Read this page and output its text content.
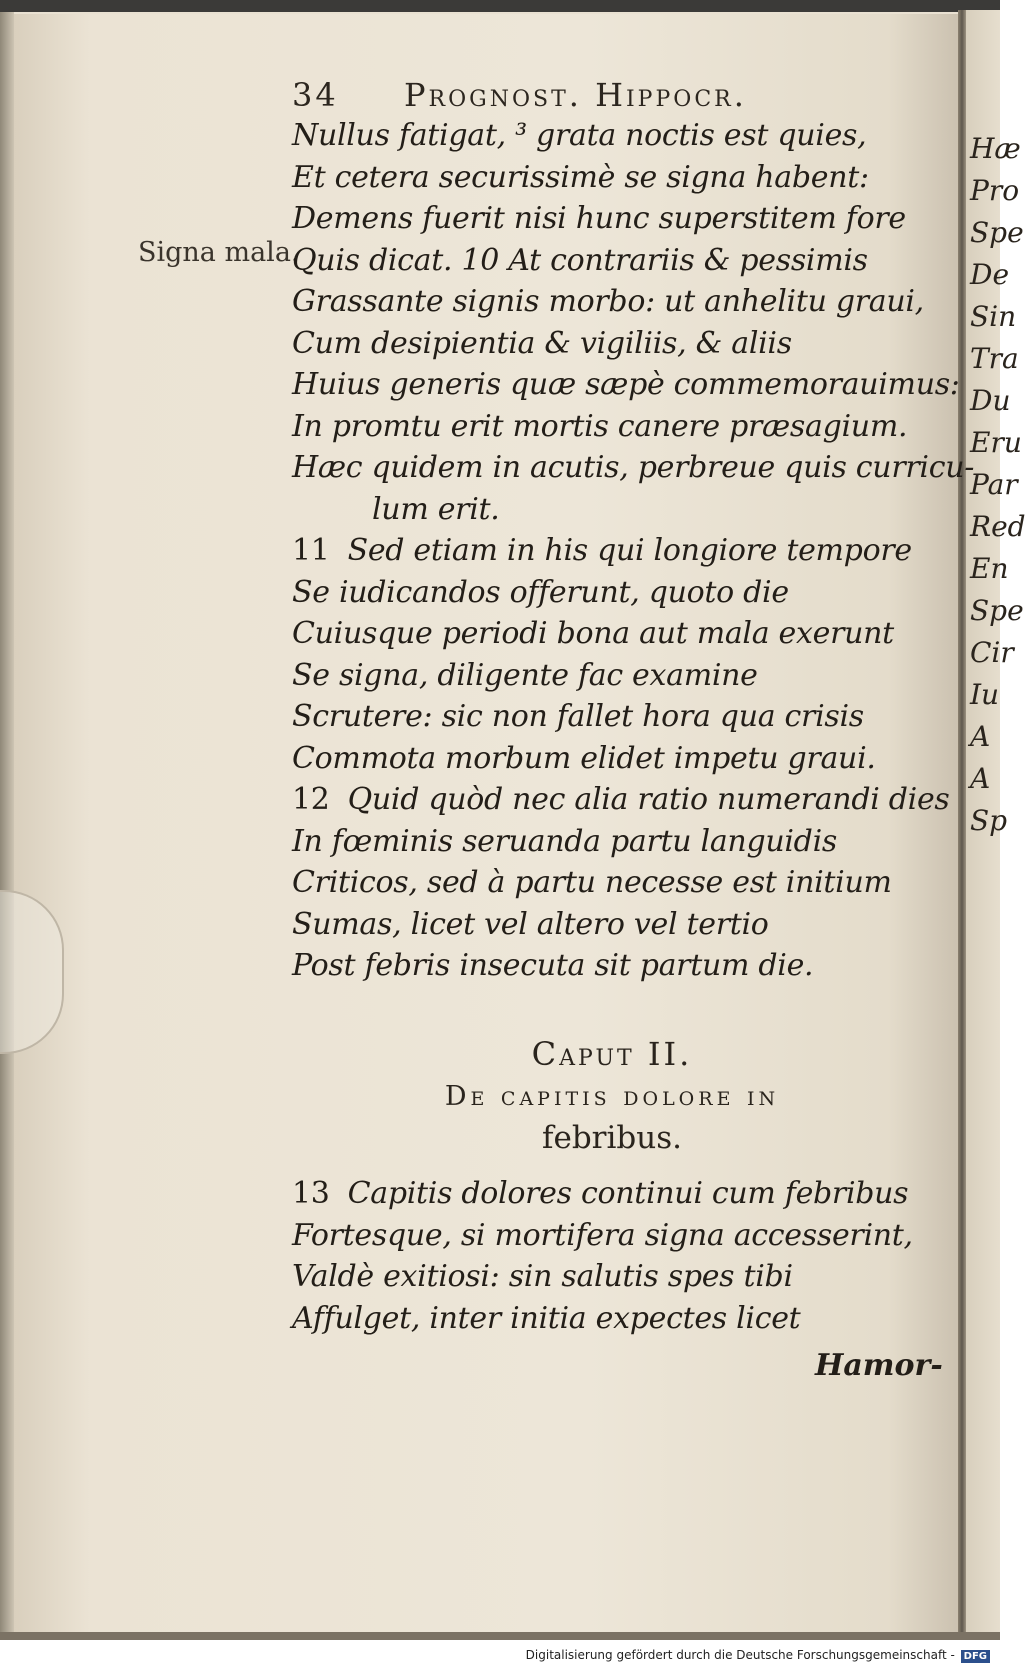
Hæ
Pro
Spe
De
Sin
Tra
Du
Eru
Par
Red
En
Spe
Cir
Iu
A
A
Sp
34 Prognost. Hippocr.
Signa mala.
Nullus fatigat, ³ grata noctis est quies,
Et cetera securissimè se signa habent:
Demens fuerit nisi hunc superstitem fore
Quis dicat. 10 At contrariis & pessimis
Grassante signis morbo: ut anhelitu graui,
Cum desipientia & vigiliis, & aliis
Huius generis quæ sæpè commemorauimus:
In promtu erit mortis canere præsagium.
Hæc quidem in acutis, perbreue quis curricu-
lum erit.
11 Sed etiam in his qui longiore tempore
Se iudicandos offerunt, quoto die
Cuiusque periodi bona aut mala exerunt
Se signa, diligente fac examine
Scrutere: sic non fallet hora qua crisis
Commota morbum elidet impetu graui.
12 Quid quòd nec alia ratio numerandi dies
In fœminis seruanda partu languidis
Criticos, sed à partu necesse est initium
Sumas, licet vel altero vel tertio
Post febris insecuta sit partum die.
Caput II.
De capitis dolore in
febribus.
13 Capitis dolores continui cum febribus
Fortesque, si mortifera signa accesserint,
Valdè exitiosi: sin salutis spes tibi
Affulget, inter initia expectes licet
Hamor-
Digitalisierung gefördert durch die Deutsche Forschungsgemeinschaft - DFG
